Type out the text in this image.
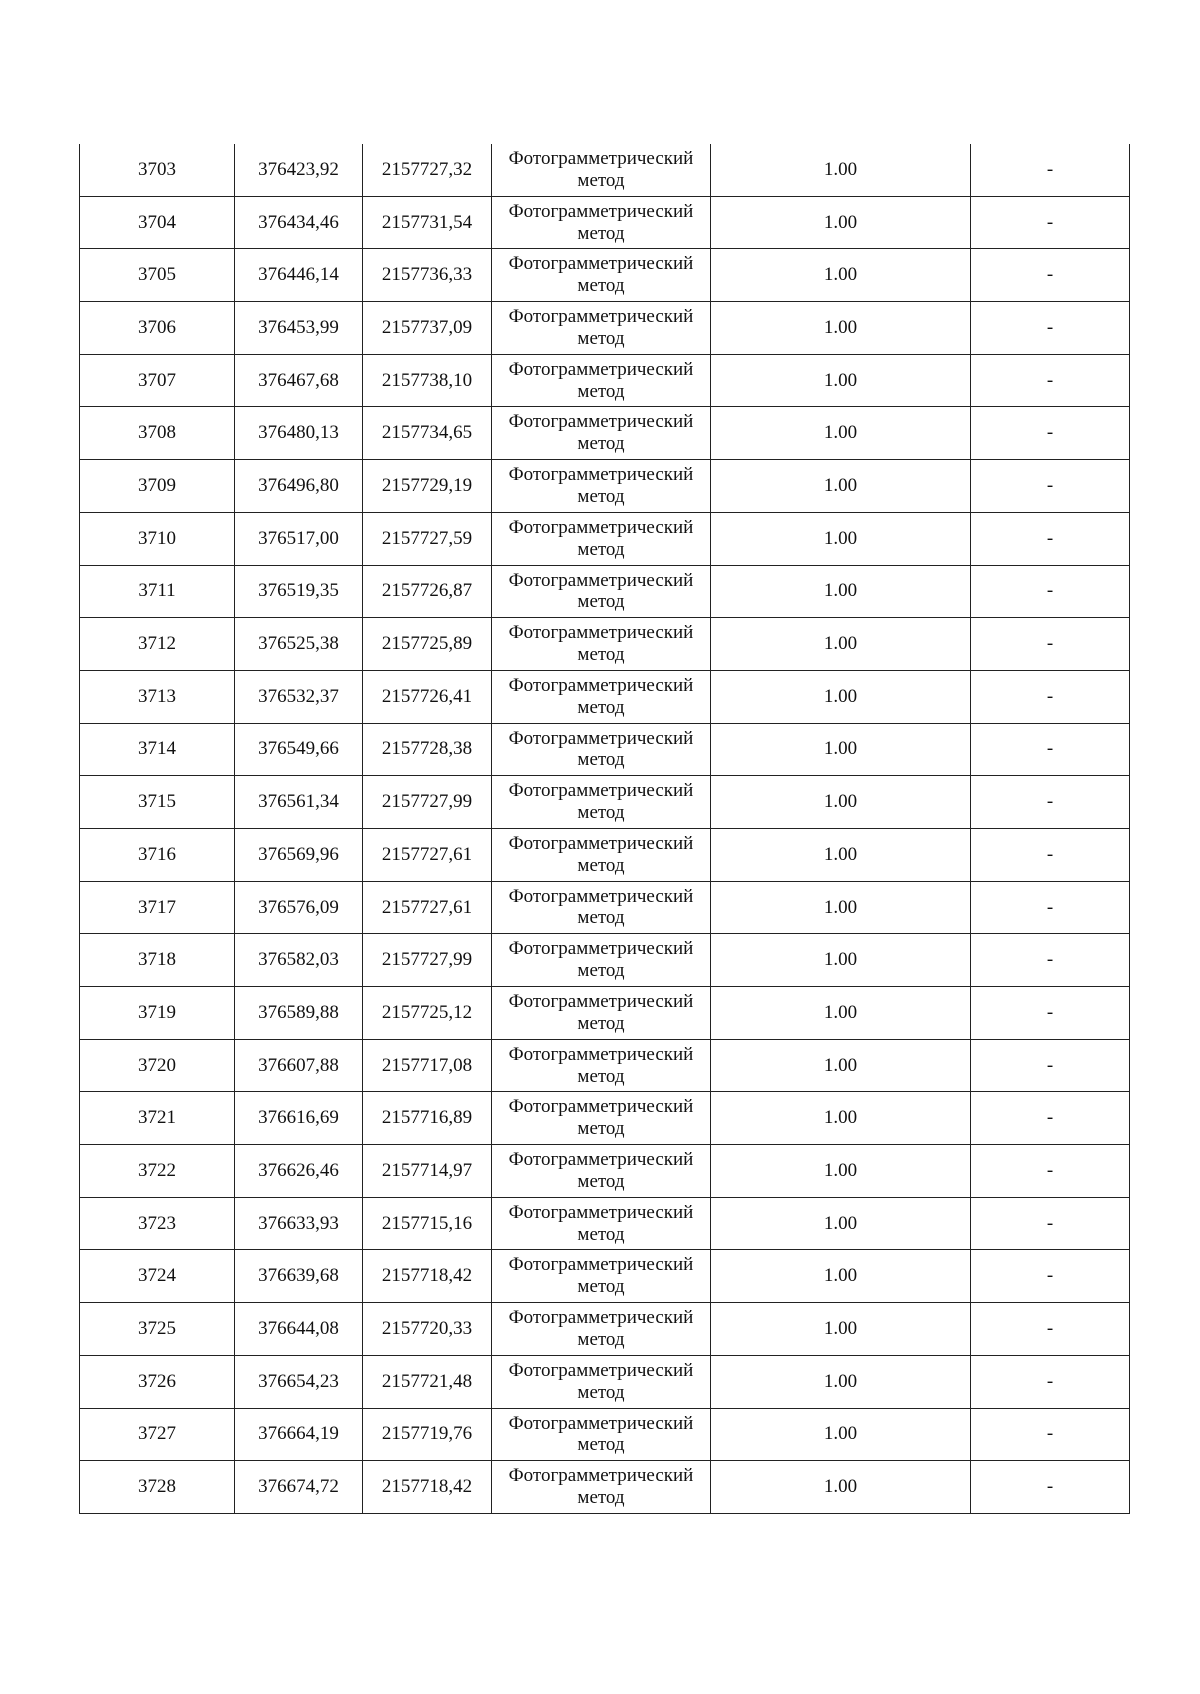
3703	376423,92	2157727,32	Фотограмметрический
метод	1.00	-
3704	376434,46	2157731,54	Фотограмметрический
метод	1.00	-
3705	376446,14	2157736,33	Фотограмметрический
метод	1.00	-
3706	376453,99	2157737,09	Фотограмметрический
метод	1.00	-
3707	376467,68	2157738,10	Фотограмметрический
метод	1.00	-
3708	376480,13	2157734,65	Фотограмметрический
метод	1.00	-
3709	376496,80	2157729,19	Фотограмметрический
метод	1.00	-
3710	376517,00	2157727,59	Фотограмметрический
метод	1.00	-
3711	376519,35	2157726,87	Фотограмметрический
метод	1.00	-
3712	376525,38	2157725,89	Фотограмметрический
метод	1.00	-
3713	376532,37	2157726,41	Фотограмметрический
метод	1.00	-
3714	376549,66	2157728,38	Фотограмметрический
метод	1.00	-
3715	376561,34	2157727,99	Фотограмметрический
метод	1.00	-
3716	376569,96	2157727,61	Фотограмметрический
метод	1.00	-
3717	376576,09	2157727,61	Фотограмметрический
метод	1.00	-
3718	376582,03	2157727,99	Фотограмметрический
метод	1.00	-
3719	376589,88	2157725,12	Фотограмметрический
метод	1.00	-
3720	376607,88	2157717,08	Фотограмметрический
метод	1.00	-
3721	376616,69	2157716,89	Фотограмметрический
метод	1.00	-
3722	376626,46	2157714,97	Фотограмметрический
метод	1.00	-
3723	376633,93	2157715,16	Фотограмметрический
метод	1.00	-
3724	376639,68	2157718,42	Фотограмметрический
метод	1.00	-
3725	376644,08	2157720,33	Фотограмметрический
метод	1.00	-
3726	376654,23	2157721,48	Фотограмметрический
метод	1.00	-
3727	376664,19	2157719,76	Фотограмметрический
метод	1.00	-
3728	376674,72	2157718,42	Фотограмметрический
метод	1.00	-
